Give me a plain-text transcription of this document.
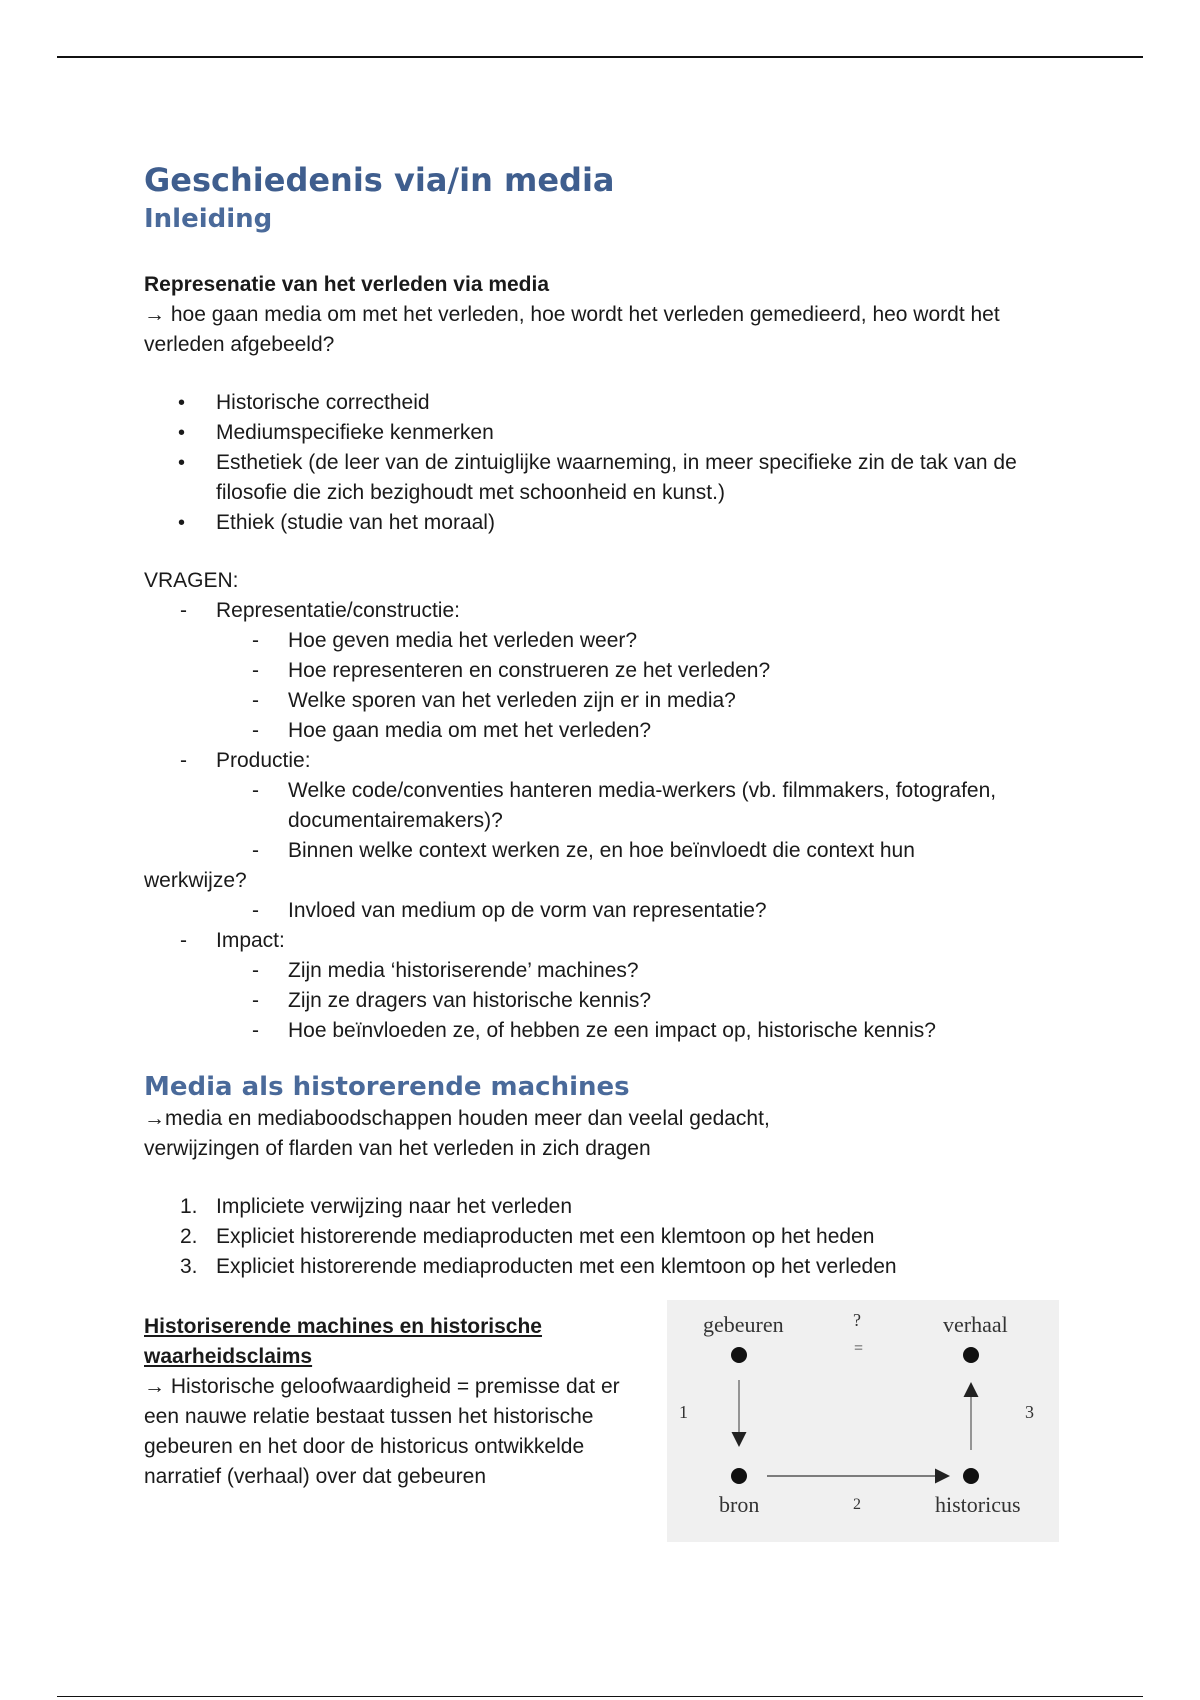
Geschiedenis via/in media
Inleiding

Represenatie van het verleden via media

→ hoe gaan media om met het verleden, hoe wordt het verleden gemedieerd, heo wordt het verleden afgebeeld?

• Historische correctheid
• Mediumspecifieke kenmerken
• Esthetiek (de leer van de zintuiglijke waarneming, in meer specifieke zin de tak van de filosofie die zich bezighoudt met schoonheid en kunst.)
• Ethiek (studie van het moraal)

VRAGEN:

- Representatie/constructie:
- Hoe geven media het verleden weer?
- Hoe representeren en construeren ze het verleden?
- Welke sporen van het verleden zijn er in media?
- Hoe gaan media om met het verleden?
- Productie:
- Welke code/conventies hanteren media-werkers (vb. filmmakers, fotografen, documentairemakers)?
- Binnen welke context werken ze, en hoe beïnvloedt die context hun

werkwijze?

- Invloed van medium op de vorm van representatie?
- Impact:
- Zijn media ‘historiserende’ machines?
- Zijn ze dragers van historische kennis?
- Hoe beïnvloeden ze, of hebben ze een impact op, historische kennis?
Media als historerende machines

→media en mediaboodschappen houden meer dan veelal gedacht,

verwijzingen of flarden van het verleden in zich dragen

1. Impliciete verwijzing naar het verleden
2. Expliciet historerende mediaproducten met een klemtoon op het heden
3. Expliciet historerende mediaproducten met een klemtoon op het verleden

Historiserende machines en historische

waarheidsclaims

→ Historische geloofwaardigheid = premisse dat er een nauwe relatie bestaat tussen het historische gebeuren en het door de historicus ontwikkelde narratief (verhaal) over dat gebeuren

gebeuren	?
=
verhaal
bron	historicus
1
2
3
